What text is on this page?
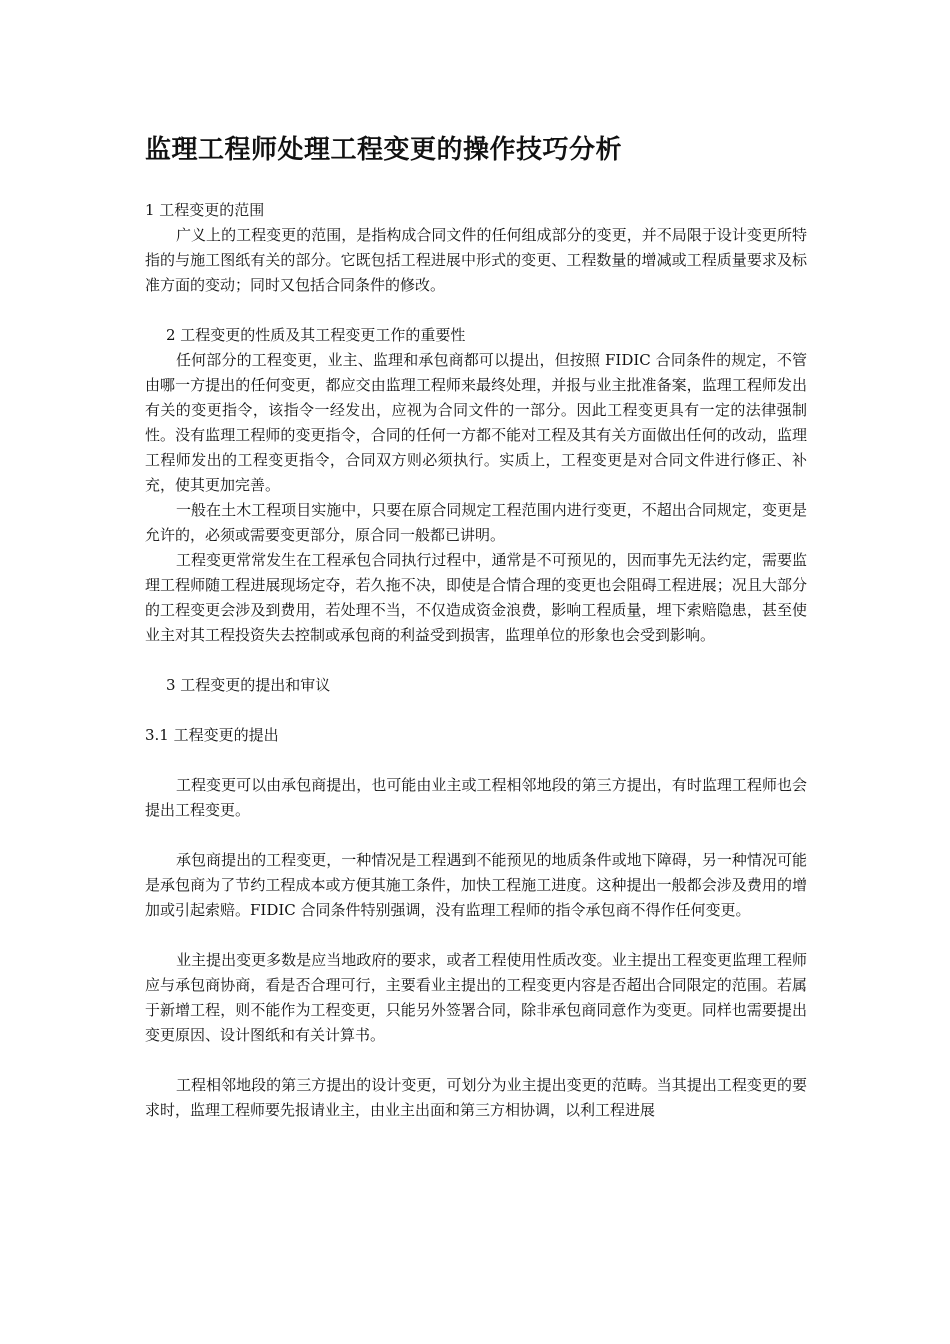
监理工程师处理工程变更的操作技巧分析
1 工程变更的范围

广义上的工程变更的范围，是指构成合同文件的任何组成部分的变更，并不局限于设计变更所特指的与施工图纸有关的部分。它既包括工程进展中形式的变更、工程数量的增减或工程质量要求及标准方面的变动；同时又包括合同条件的修改。

2 工程变更的性质及其工程变更工作的重要性

任何部分的工程变更，业主、监理和承包商都可以提出，但按照 FIDIC 合同条件的规定，不管由哪一方提出的任何变更，都应交由监理工程师来最终处理，并报与业主批准备案，监理工程师发出有关的变更指令，该指令一经发出，应视为合同文件的一部分。因此工程变更具有一定的法律强制性。没有监理工程师的变更指令，合同的任何一方都不能对工程及其有关方面做出任何的改动，监理工程师发出的工程变更指令，合同双方则必须执行。实质上，工程变更是对合同文件进行修正、补充，使其更加完善。

一般在土木工程项目实施中，只要在原合同规定工程范围内进行变更，不超出合同规定，变更是允许的，必须或需要变更部分，原合同一般都已讲明。

工程变更常常发生在工程承包合同执行过程中，通常是不可预见的，因而事先无法约定，需要监理工程师随工程进展现场定夺，若久拖不决，即使是合情合理的变更也会阻碍工程进展；况且大部分的工程变更会涉及到费用，若处理不当，不仅造成资金浪费，影响工程质量，埋下索赔隐患，甚至使业主对其工程投资失去控制或承包商的利益受到损害，监理单位的形象也会受到影响。

3 工程变更的提出和审议
3.1 工程变更的提出

工程变更可以由承包商提出，也可能由业主或工程相邻地段的第三方提出，有时监理工程师也会提出工程变更。

承包商提出的工程变更，一种情况是工程遇到不能预见的地质条件或地下障碍，另一种情况可能是承包商为了节约工程成本或方便其施工条件，加快工程施工进度。这种提出一般都会涉及费用的增加或引起索赔。FIDIC 合同条件特别强调，没有监理工程师的指令承包商不得作任何变更。

业主提出变更多数是应当地政府的要求，或者工程使用性质改变。业主提出工程变更监理工程师应与承包商协商，看是否合理可行，主要看业主提出的工程变更内容是否超出合同限定的范围。若属于新增工程，则不能作为工程变更，只能另外签署合同，除非承包商同意作为变更。同样也需要提出变更原因、设计图纸和有关计算书。

工程相邻地段的第三方提出的设计变更，可划分为业主提出变更的范畴。当其提出工程变更的要求时，监理工程师要先报请业主，由业主出面和第三方相协调，以利工程进展
